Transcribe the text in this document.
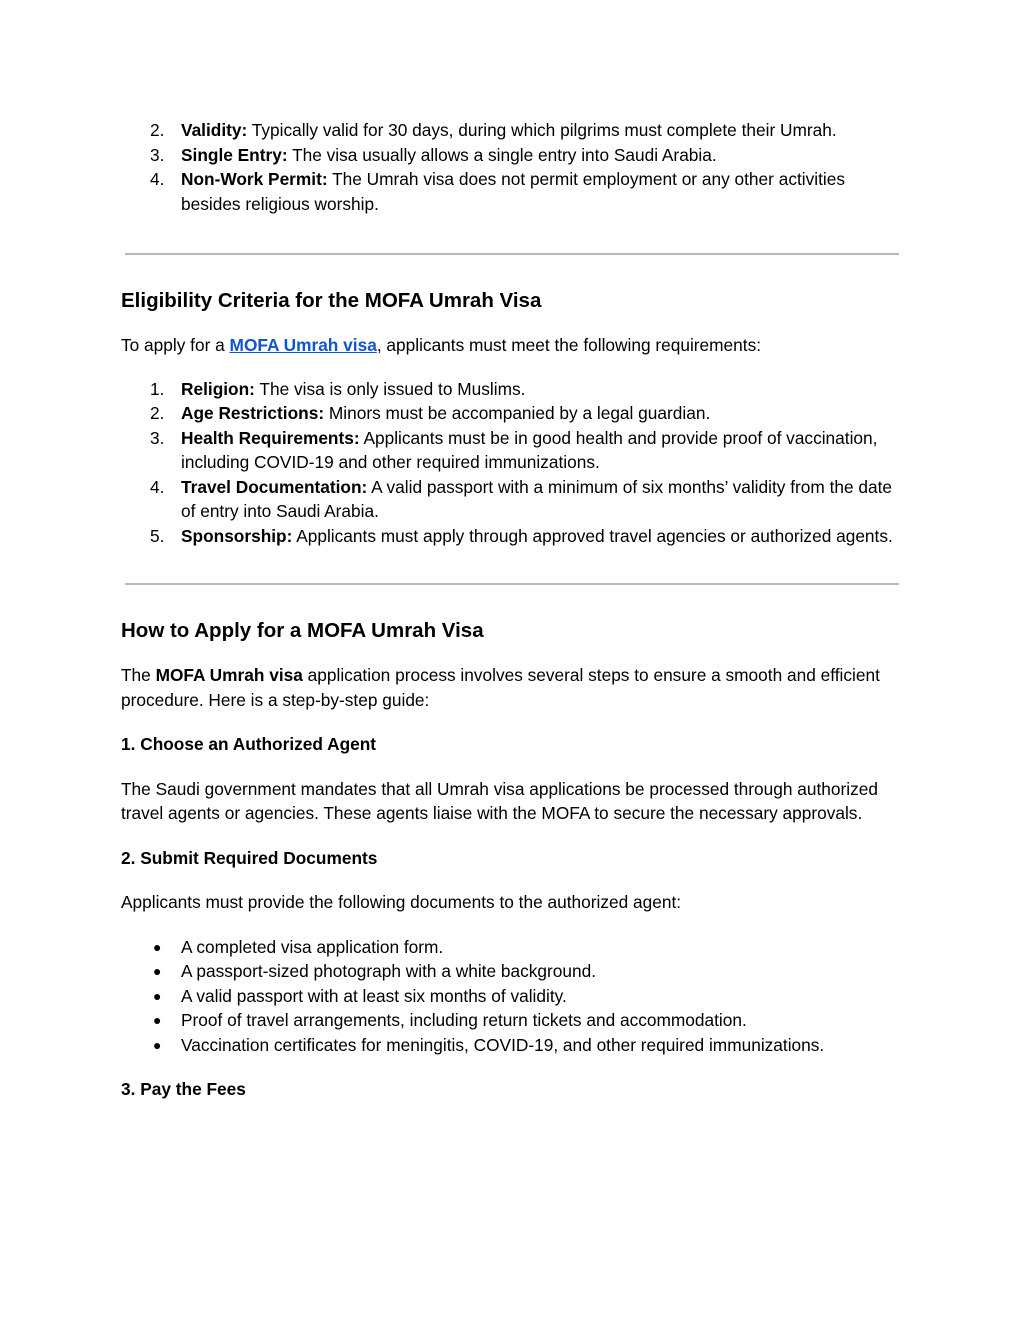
2. Validity: Typically valid for 30 days, during which pilgrims must complete their Umrah.
3. Single Entry: The visa usually allows a single entry into Saudi Arabia.
4. Non-Work Permit: The Umrah visa does not permit employment or any other activities besides religious worship.
Eligibility Criteria for the MOFA Umrah Visa

To apply for a MOFA Umrah visa, applicants must meet the following requirements:

1. Religion: The visa is only issued to Muslims.
2. Age Restrictions: Minors must be accompanied by a legal guardian.
3. Health Requirements: Applicants must be in good health and provide proof of vaccination, including COVID-19 and other required immunizations.
4. Travel Documentation: A valid passport with a minimum of six months’ validity from the date of entry into Saudi Arabia.
5. Sponsorship: Applicants must apply through approved travel agencies or authorized agents.
How to Apply for a MOFA Umrah Visa

The MOFA Umrah visa application process involves several steps to ensure a smooth and efficient procedure. Here is a step-by-step guide:

1. Choose an Authorized Agent

The Saudi government mandates that all Umrah visa applications be processed through authorized travel agents or agencies. These agents liaise with the MOFA to secure the necessary approvals.

2. Submit Required Documents

Applicants must provide the following documents to the authorized agent:

● A completed visa application form.
● A passport-sized photograph with a white background.
● A valid passport with at least six months of validity.
● Proof of travel arrangements, including return tickets and accommodation.
● Vaccination certificates for meningitis, COVID-19, and other required immunizations.
3. Pay the Fees
